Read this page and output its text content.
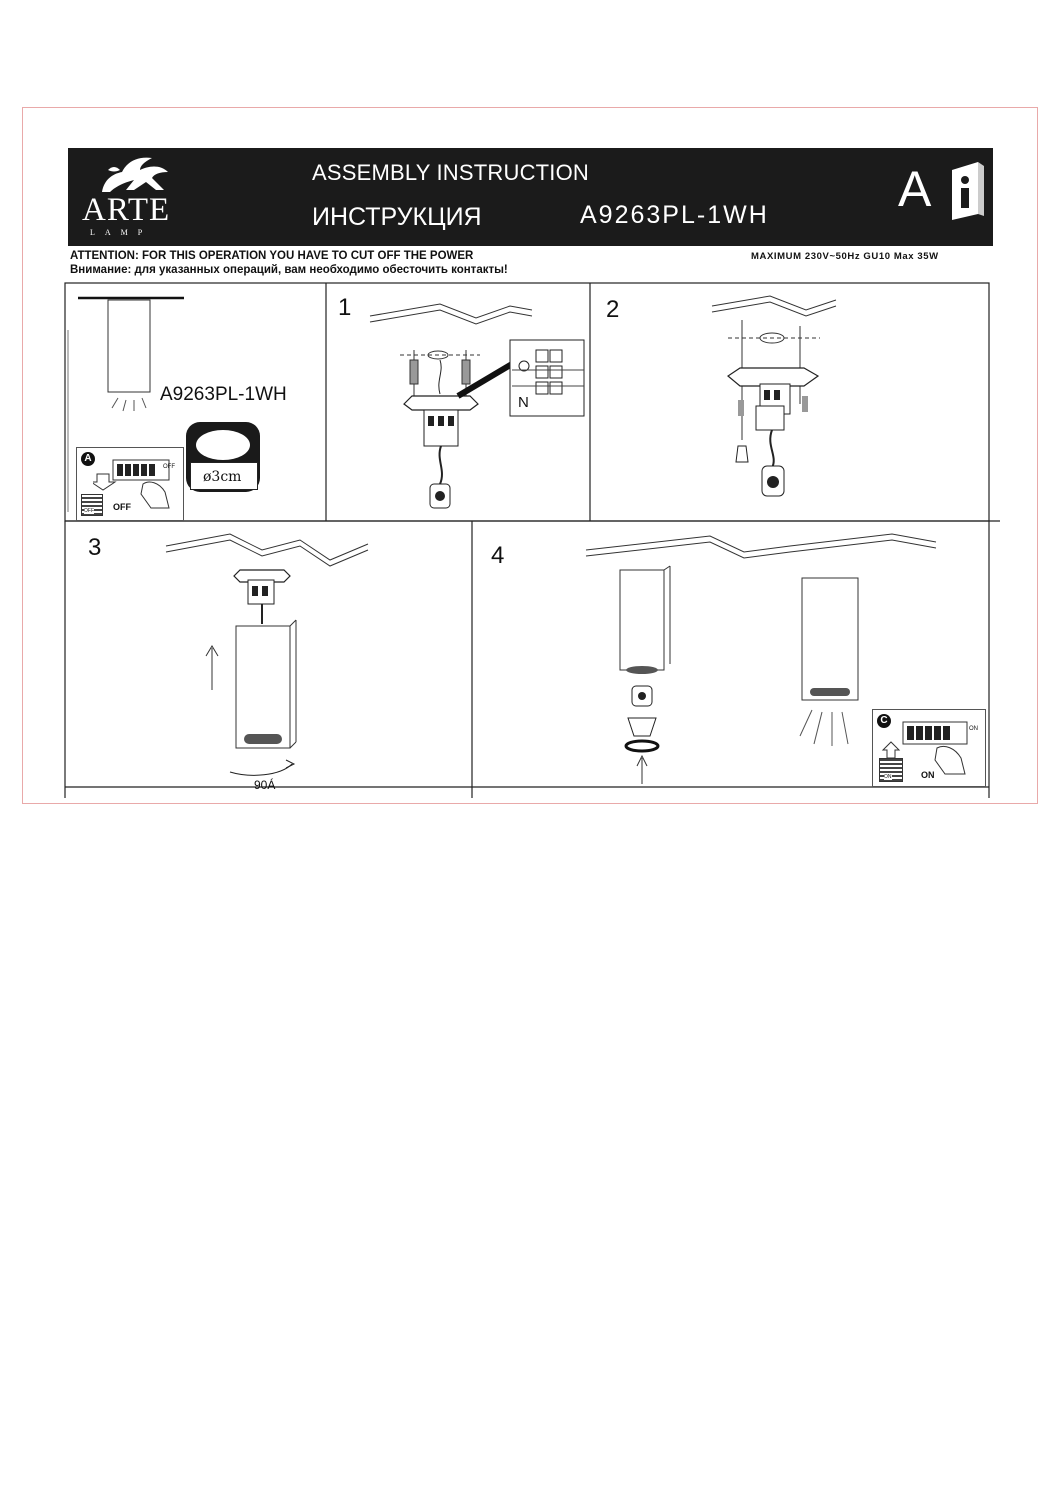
ARTE
LAMP
ASSEMBLY INSTRUCTION
ИНСТРУКЦИЯ	A9263PL-1WH	A
ATTENTION: FOR THIS OPERATION YOU HAVE TO CUT OFF THE POWER
Внимание: для указанных операций, вам необходимо обесточить контакты!
MAXIMUM 230V~50Hz GU10 Max 35W
A9263PL-1WH
ø3cm
A
OFF
OFF OFF
1	2
3	4
N
90Á
C
ON
ON	ON
